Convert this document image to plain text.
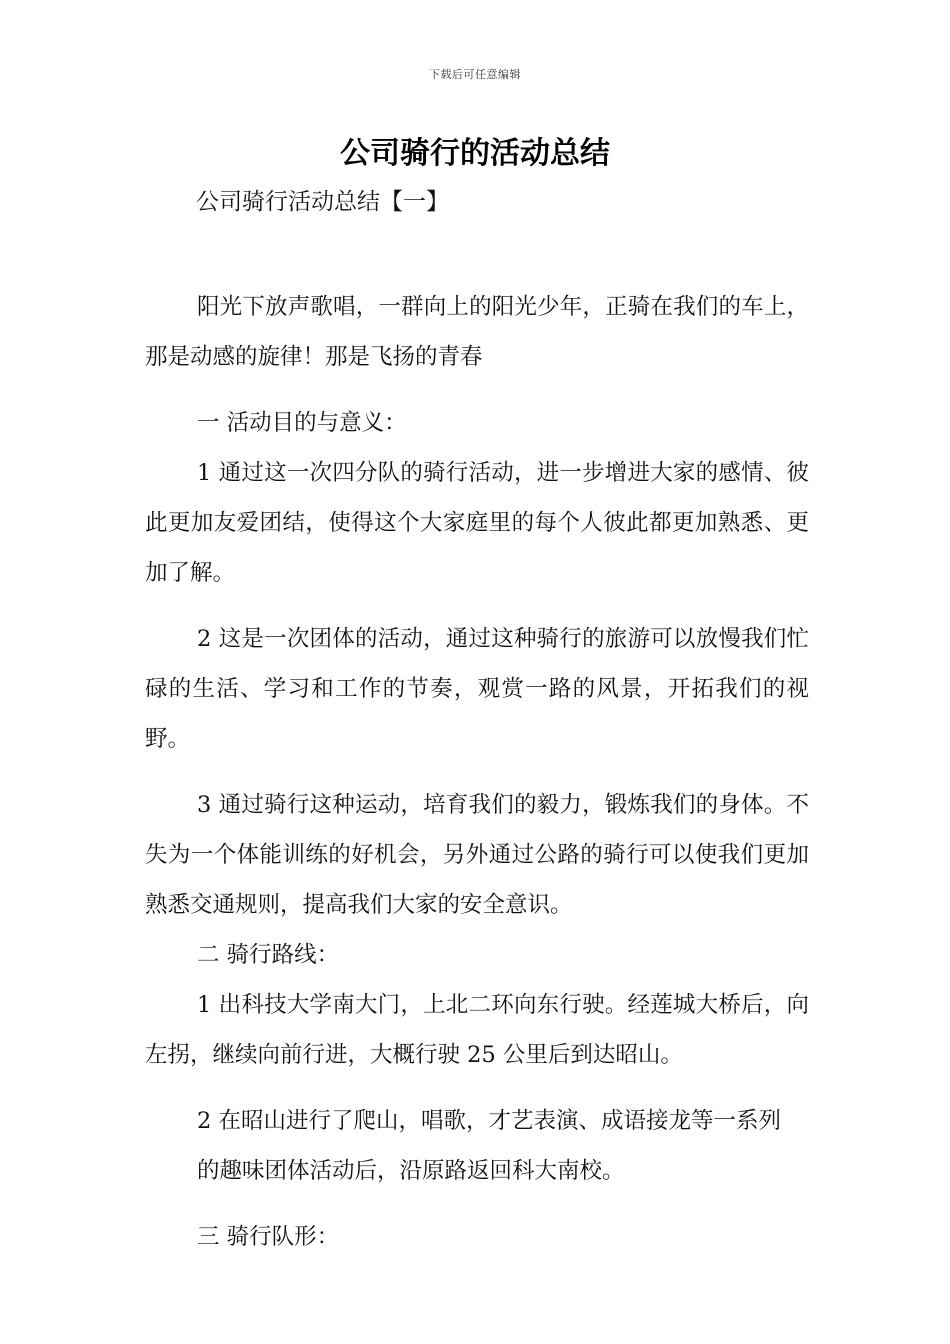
下载后可任意编辑
公司骑行的活动总结

公司骑行活动总结【一】

阳光下放声歌唱，一群向上的阳光少年，正骑在我们的车上，那是动感的旋律！那是飞扬的青春

一 活动目的与意义：

1 通过这一次四分队的骑行活动，进一步增进大家的感情、彼此更加友爱团结，使得这个大家庭里的每个人彼此都更加熟悉、更加了解。

2 这是一次团体的活动，通过这种骑行的旅游可以放慢我们忙碌的生活、学习和工作的节奏，观赏一路的风景，开拓我们的视野。

3 通过骑行这种运动，培育我们的毅力，锻炼我们的身体。不失为一个体能训练的好机会，另外通过公路的骑行可以使我们更加熟悉交通规则，提高我们大家的安全意识。

二 骑行路线：

1 出科技大学南大门，上北二环向东行驶。经莲城大桥后，向左拐，继续向前行进，大概行驶 25 公里后到达昭山。

2 在昭山进行了爬山，唱歌，才艺表演、成语接龙等一系列

的趣味团体活动后，沿原路返回科大南校。

三 骑行队形：
